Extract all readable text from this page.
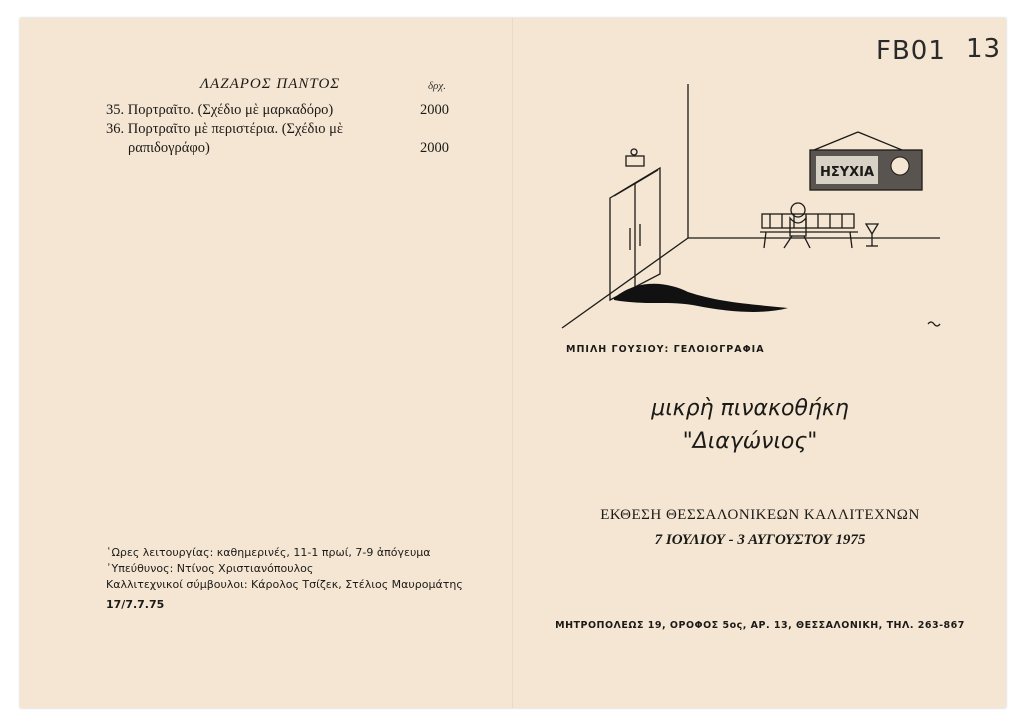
FB01 13
ΛΑΖΑΡΟΣ ΠΑΝΤΟΣ	δρχ.
35. Πορτραῖτο. (Σχέδιο μὲ μαρκαδόρο)	2000
36. Πορτραῖτο μὲ περιστέρια. (Σχέδιο μὲ
ραπιδογράφο)	2000
῾Ωρες λειτουργίας: καθημερινές, 11-1 πρωί, 7-9 ἀπόγευμα
᾿Υπεύθυνος: Ντίνος Χριστιανόπουλος
Καλλιτεχνικοί σύμβουλοι: Κάρολος Τσίζεκ, Στέλιος Μαυρομάτης
17/7.7.75
ΗΣΥΧΙΑ
ΜΠΙΛΗ ΓΟΥΣΙΟΥ: ΓΕΛΟΙΟΓΡΑΦΙΑ
μικρὴ πινακοθήκη
"Διαγώνιος"
ΕΚΘΕΣΗ ΘΕΣΣΑΛΟΝΙΚΕΩΝ ΚΑΛΛΙΤΕΧΝΩΝ
7 ΙΟΥΛΙΟΥ - 3 ΑΥΓΟΥΣΤΟΥ 1975
ΜΗΤΡΟΠΟΛΕΩΣ 19, ΟΡΟΦΟΣ 5ος, ΑΡ. 13, ΘΕΣΣΑΛΟΝΙΚΗ, ΤΗΛ. 263-867
